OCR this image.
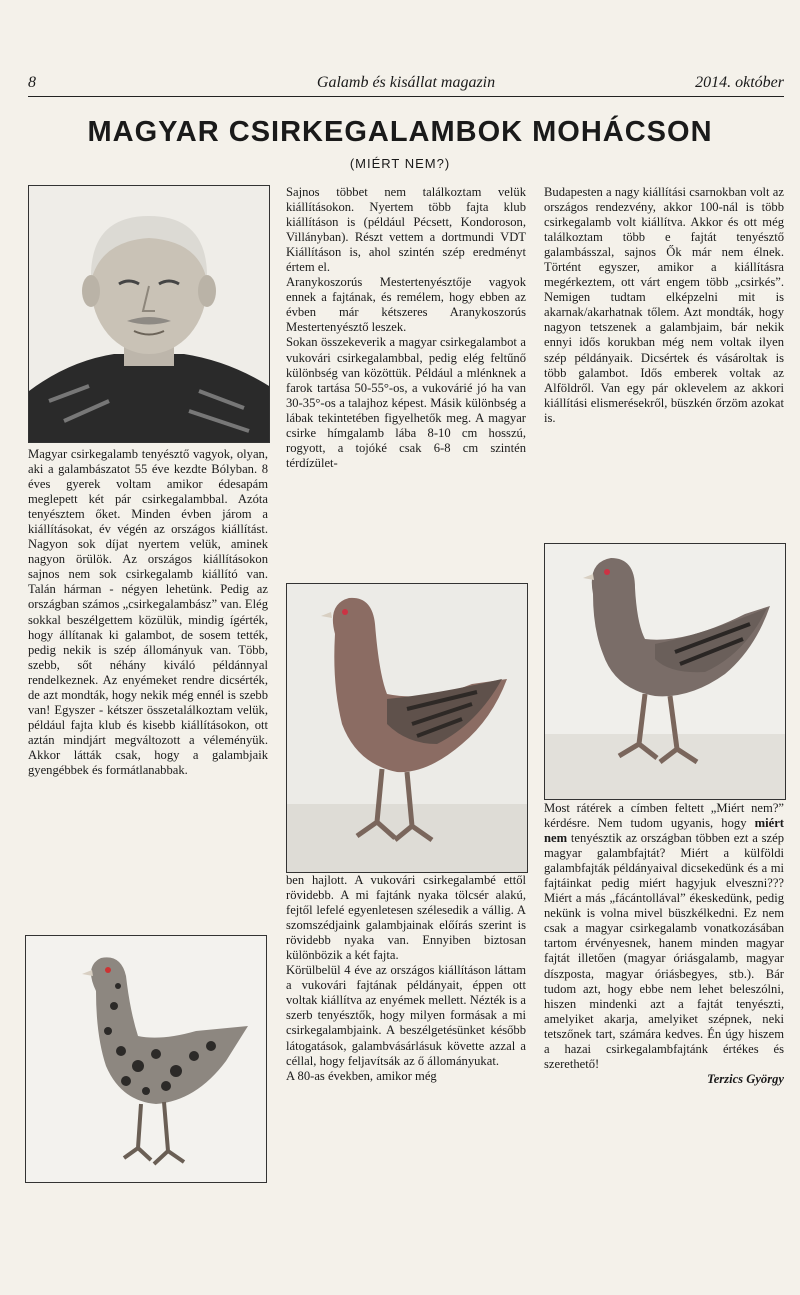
8	Galamb és kisállat magazin	2014. október
MAGYAR CSIRKEGALAMBOK MOHÁCSON
(MIÉRT NEM?)

Magyar csirkegalamb tenyésztő vagyok, olyan, aki a galambászatot 55 éve kezdte Bólyban. 8 éves gyerek voltam amikor édesapám meglepett két pár csirkegalambbal. Azóta tenyésztem őket. Minden évben járom a kiállításokat, év végén az országos kiállítást. Nagyon sok díjat nyertem velük, aminek nagyon örülök. Az országos kiállításokon sajnos nem sok csirkegalamb kiállító van. Talán hárman - négyen lehetünk. Pedig az országban számos „csirkegalambász” van. Elég sokkal beszélgettem közülük, mindig ígérték, hogy állítanak ki galambot, de sosem tették, pedig nekik is szép állományuk van. Több, szebb, sőt néhány kiváló példánnyal rendelkeznek. Az enyémeket rendre dicsérték, de azt mondták, hogy nekik még ennél is szebb van! Egyszer - kétszer összetalálkoztam velük, például fajta klub és kisebb kiállításokon, ott aztán mindjárt megváltozott a véleményük. Akkor látták csak, hogy a galambjaik gyengébbek és formátlanabbak.

Sajnos többet nem találkoztam velük kiállításokon. Nyertem több fajta klub kiállításon is (például Pécsett, Kondoroson, Villányban). Részt vettem a dortmundi VDT Kiállításon is, ahol szintén szép eredményt értem el.

Aranykoszorús Mestertenyésztője vagyok ennek a fajtának, és remélem, hogy ebben az évben már kétszeres Aranykoszorús Mestertenyésztő leszek.

Sokan összekeverik a magyar csirkegalambot a vukovári csirkegalambbal, pedig elég feltűnő különbség van közöttük. Például a mlénknek a farok tartása 50-55°-os, a vukovárié jó ha van 30-35°-os a talajhoz képest. Másik különbség a lábak tekintetében figyelhetők meg. A magyar csirke hímgalamb lába 8-10 cm hosszú, rogyott, a tojóké csak 6-8 cm szintén térdízület-

ben hajlott. A vukovári csirkegalambé ettől rövidebb. A mi fajtánk nyaka tölcsér alakú, fejtől lefelé egyenletesen szélesedik a vállig. A szomszédjaink galambjainak előírás szerint is rövidebb nyaka van. Ennyiben biztosan különbözik a két fajta.

Körülbelül 4 éve az országos kiállításon láttam a vukovári fajtának példányait, éppen ott voltak kiállítva az enyémek mellett. Nézték is a szerb tenyésztők, hogy milyen formásak a mi csirkegalambjaink. A beszélgetésünket később látogatások, galambvásárlásuk követte azzal a céllal, hogy feljavítsák az ő állományukat.

A 80-as években, amikor még

Budapesten a nagy kiállítási csarnokban volt az országos rendezvény, akkor 100-nál is több csirkegalamb volt kiállítva. Akkor és ott még találkoztam több e fajtát tenyésztő galambásszal, sajnos Ők már nem élnek. Történt egyszer, amikor a kiállításra megérkeztem, ott várt engem több „csirkés”. Nemigen tudtam elképzelni mit is akarnak/akarhatnak tőlem. Azt mondták, hogy nagyon tetszenek a galambjaim, bár nekik ennyi idős korukban még nem voltak ilyen szép példányaik. Dicsértek és vásároltak is több galambot. Idős emberek voltak az Alföldről. Van egy pár oklevelem az akkori kiállítási elismerésekről, büszkén őrzöm azokat is.

Most rátérek a címben feltett „Miért nem?” kérdésre. Nem tudom ugyanis, hogy miért nem tenyésztik az országban többen ezt a szép magyar galambfajtát? Miért a külföldi galambfajták példányaival dicsekedünk és a mi fajtáinkat pedig miért hagyjuk elveszni??? Miért a más „fácántollával” ékeskedünk, pedig nekünk is volna mivel büszkélkedni. Ez nem csak a magyar csirkegalamb vonatkozásában tartom érvényesnek, hanem minden magyar fajtát illetően (magyar óriásgalamb, magyar díszposta, magyar óriásbegyes, stb.). Bár tudom azt, hogy ebbe nem lehet beleszólni, hiszen mindenki azt a fajtát tenyészti, amelyiket akarja, amelyiket szépnek, neki tetszőnek tart, számára kedves. Én úgy hiszem a hazai csirkegalambfajtánk értékes és szerethető!

Terzics György
